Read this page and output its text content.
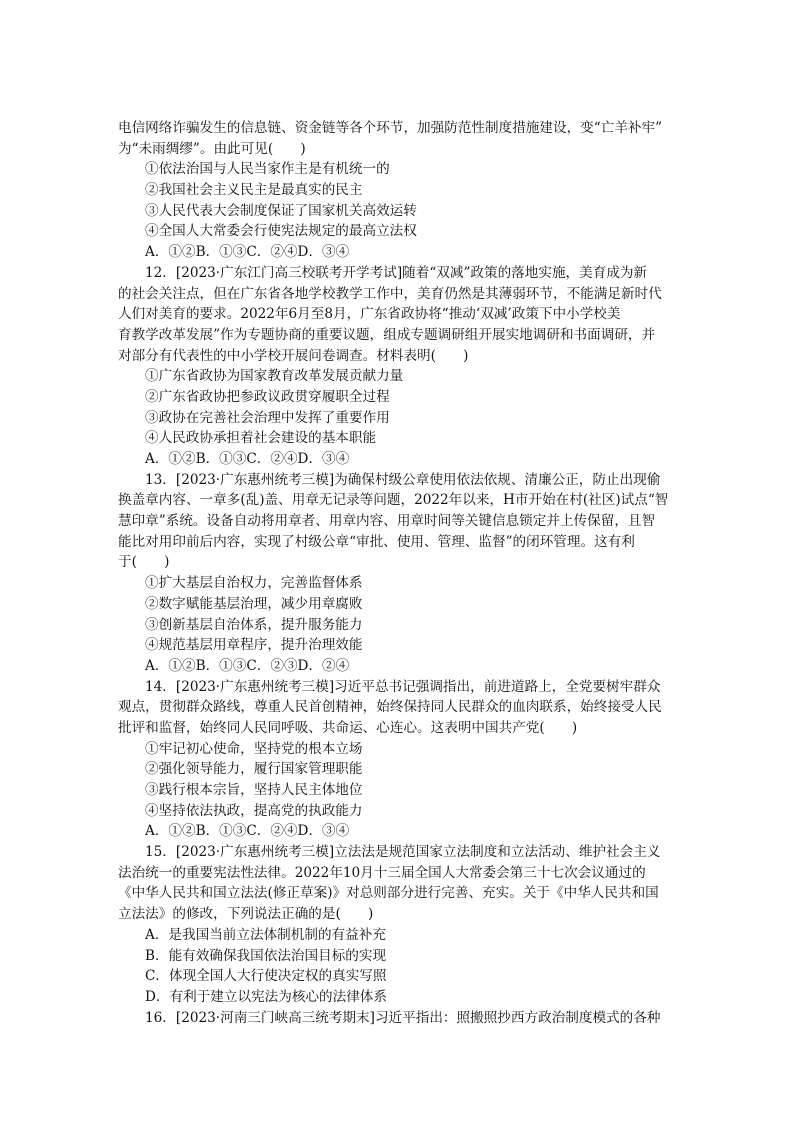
电信网络诈骗发生的信息链、资金链等各个环节，加强防范性制度措施建设，变“亡羊补牢”
为“未雨绸缪”。由此可见(　　)
①依法治国与人民当家作主是有机统一的
②我国社会主义民主是最真实的民主
③人民代表大会制度保证了国家机关高效运转
④全国人大常委会行使宪法规定的最高立法权
A．①②B．①③C．②④D．③④
12．[2023·广东江门高三校联考开学考试]随着“双减”政策的落地实施，美育成为新
的社会关注点，但在广东省各地学校教学工作中，美育仍然是其薄弱环节，不能满足新时代
人们对美育的要求。2022年6月至8月，广东省政协将“推动‘双减’政策下中小学校美
育教学改革发展”作为专题协商的重要议题，组成专题调研组开展实地调研和书面调研，并
对部分有代表性的中小学校开展问卷调查。材料表明(　　)
①广东省政协为国家教育改革发展贡献力量
②广东省政协把参政议政贯穿履职全过程
③政协在完善社会治理中发挥了重要作用
④人民政协承担着社会建设的基本职能
A．①②B．①③C．②④D．③④
13．[2023·广东惠州统考三模]为确保村级公章使用依法依规、清廉公正，防止出现偷
换盖章内容、一章多(乱)盖、用章无记录等问题，2022年以来，H市开始在村(社区)试点“智
慧印章”系统。设备自动将用章者、用章内容、用章时间等关键信息锁定并上传保留，且智
能比对用印前后内容，实现了村级公章“审批、使用、管理、监督”的闭环管理。这有利
于(　　)
①扩大基层自治权力，完善监督体系
②数字赋能基层治理，减少用章腐败
③创新基层自治体系，提升服务能力
④规范基层用章程序，提升治理效能
A．①②B．①③C．②③D．②④
14．[2023·广东惠州统考三模]习近平总书记强调指出，前进道路上，全党要树牢群众
观点，贯彻群众路线，尊重人民首创精神，始终保持同人民群众的血肉联系，始终接受人民
批评和监督，始终同人民同呼吸、共命运、心连心。这表明中国共产党(　　)
①牢记初心使命，坚持党的根本立场
②强化领导能力，履行国家管理职能
③践行根本宗旨，坚持人民主体地位
④坚持依法执政，提高党的执政能力
A．①②B．①③C．②④D．③④
15．[2023·广东惠州统考三模]立法法是规范国家立法制度和立法活动、维护社会主义
法治统一的重要宪法性法律。2022年10月十三届全国人大常委会第三十七次会议通过的
《中华人民共和国立法法(修正草案)》对总则部分进行完善、充实。关于《中华人民共和国
立法法》的修改，下列说法正确的是(　　)
A．是我国当前立法体制机制的有益补充
B．能有效确保我国依法治国目标的实现
C．体现全国人大行使决定权的真实写照
D．有利于建立以宪法为核心的法律体系
16．[2023·河南三门峡高三统考期末]习近平指出：照搬照抄西方政治制度模式的各种
